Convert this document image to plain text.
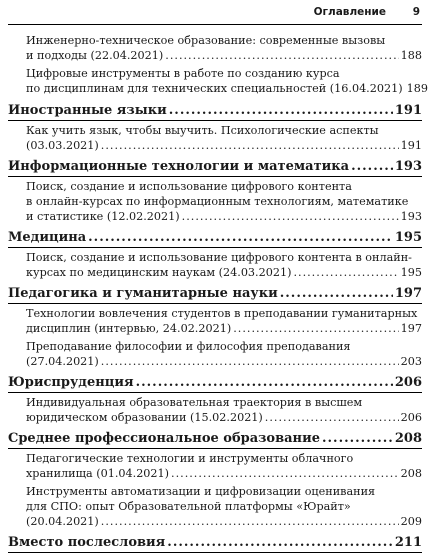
Оглавление	9
Инженерно-техническое образование: современные вызовы
и подходы (22.04.2021) .....	188
Цифровые инструменты в работе по созданию курса
по дисциплинам для технических специальностей (16.04.2021) 189
Иностранные языки .....	191
Как учить язык, чтобы выучить. Психологические аспекты
(03.03.2021) .....	191
Информационные технологии и математика .....	193
Поиск, создание и использование цифрового контента
в онлайн-курсах по информационным технологиям, математике
и статистике (12.02.2021) .....	193
Медицина .....	195
Поиск, создание и использование цифрового контента в онлайн-
курсах по медицинским наукам (24.03.2021) .....	195
Педагогика и гуманитарные науки .....	197
Технологии вовлечения студентов в преподавании гуманитарных
дисциплин (интервью, 24.02.2021) .....	197
Преподавание философии и философия преподавания
(27.04.2021) .....	203
Юриспруденция .....	206
Индивидуальная образовательная траектория в высшем
юридическом образовании (15.02.2021) .....	206
Среднее профессиональное образование .....	208
Педагогические технологии и инструменты облачного
хранилища (01.04.2021) .....	208
Инструменты автоматизации и цифровизации оценивания
для СПО: опыт Образовательной платформы «Юрайт»
(20.04.2021) .....	209
Вместо послесловия .....	211
